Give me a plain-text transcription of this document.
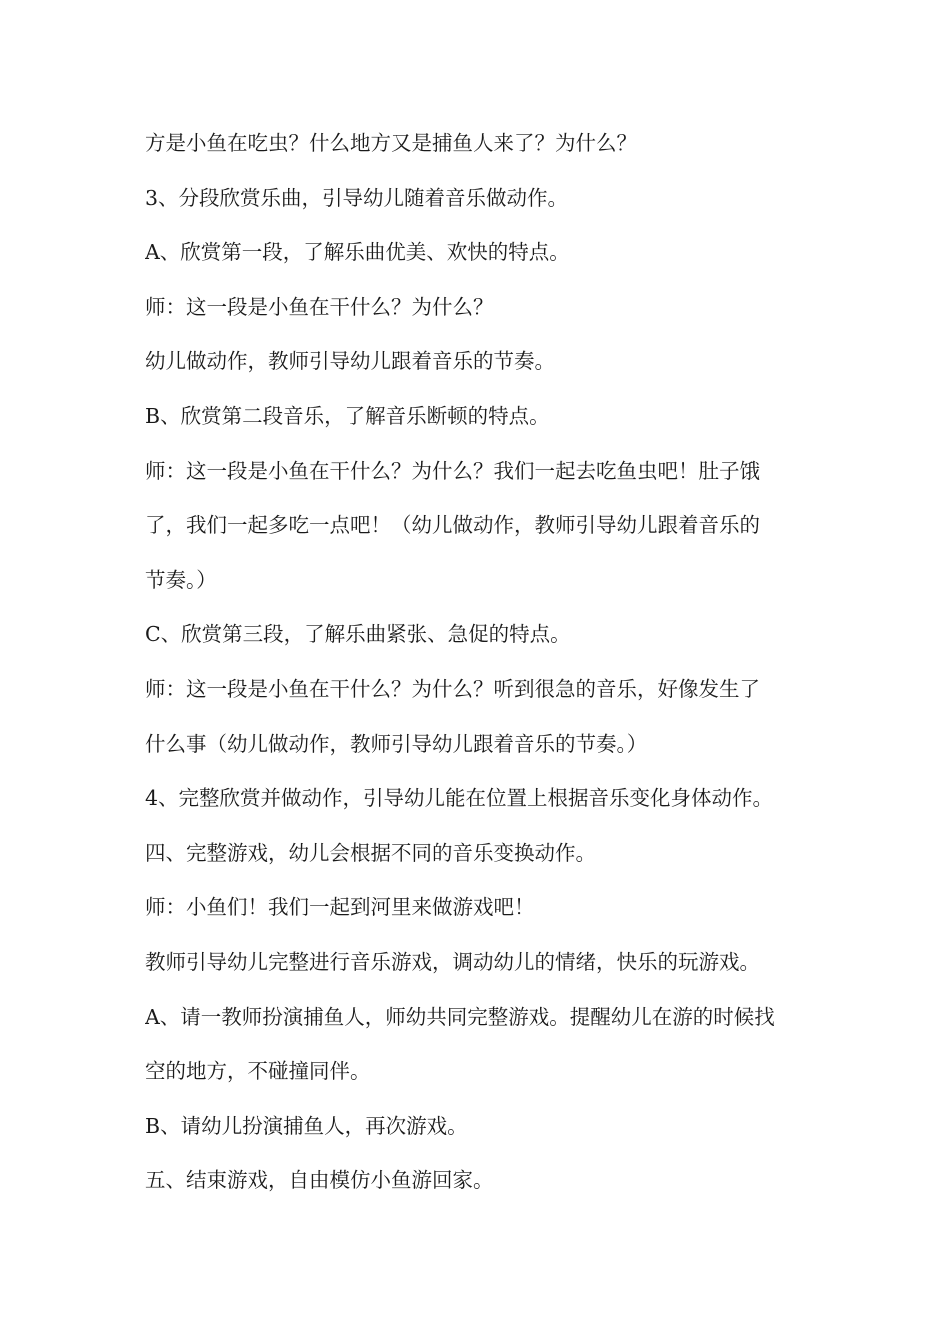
方是小鱼在吃虫？什么地方又是捕鱼人来了？为什么？
3、分段欣赏乐曲，引导幼儿随着音乐做动作。
A、欣赏第一段，了解乐曲优美、欢快的特点。
师：这一段是小鱼在干什么？为什么？
幼儿做动作，教师引导幼儿跟着音乐的节奏。
B、欣赏第二段音乐，了解音乐断顿的特点。
师：这一段是小鱼在干什么？为什么？我们一起去吃鱼虫吧！肚子饿
了，我们一起多吃一点吧！（幼儿做动作，教师引导幼儿跟着音乐的
节奏。）
C、欣赏第三段，了解乐曲紧张、急促的特点。
师：这一段是小鱼在干什么？为什么？听到很急的音乐，好像发生了
什么事（幼儿做动作，教师引导幼儿跟着音乐的节奏。）
4、完整欣赏并做动作，引导幼儿能在位置上根据音乐变化身体动作。
四、完整游戏，幼儿会根据不同的音乐变换动作。
师：小鱼们！我们一起到河里来做游戏吧！
教师引导幼儿完整进行音乐游戏，调动幼儿的情绪，快乐的玩游戏。
A、请一教师扮演捕鱼人，师幼共同完整游戏。提醒幼儿在游的时候找
空的地方，不碰撞同伴。
B、请幼儿扮演捕鱼人，再次游戏。
五、结束游戏，自由模仿小鱼游回家。
